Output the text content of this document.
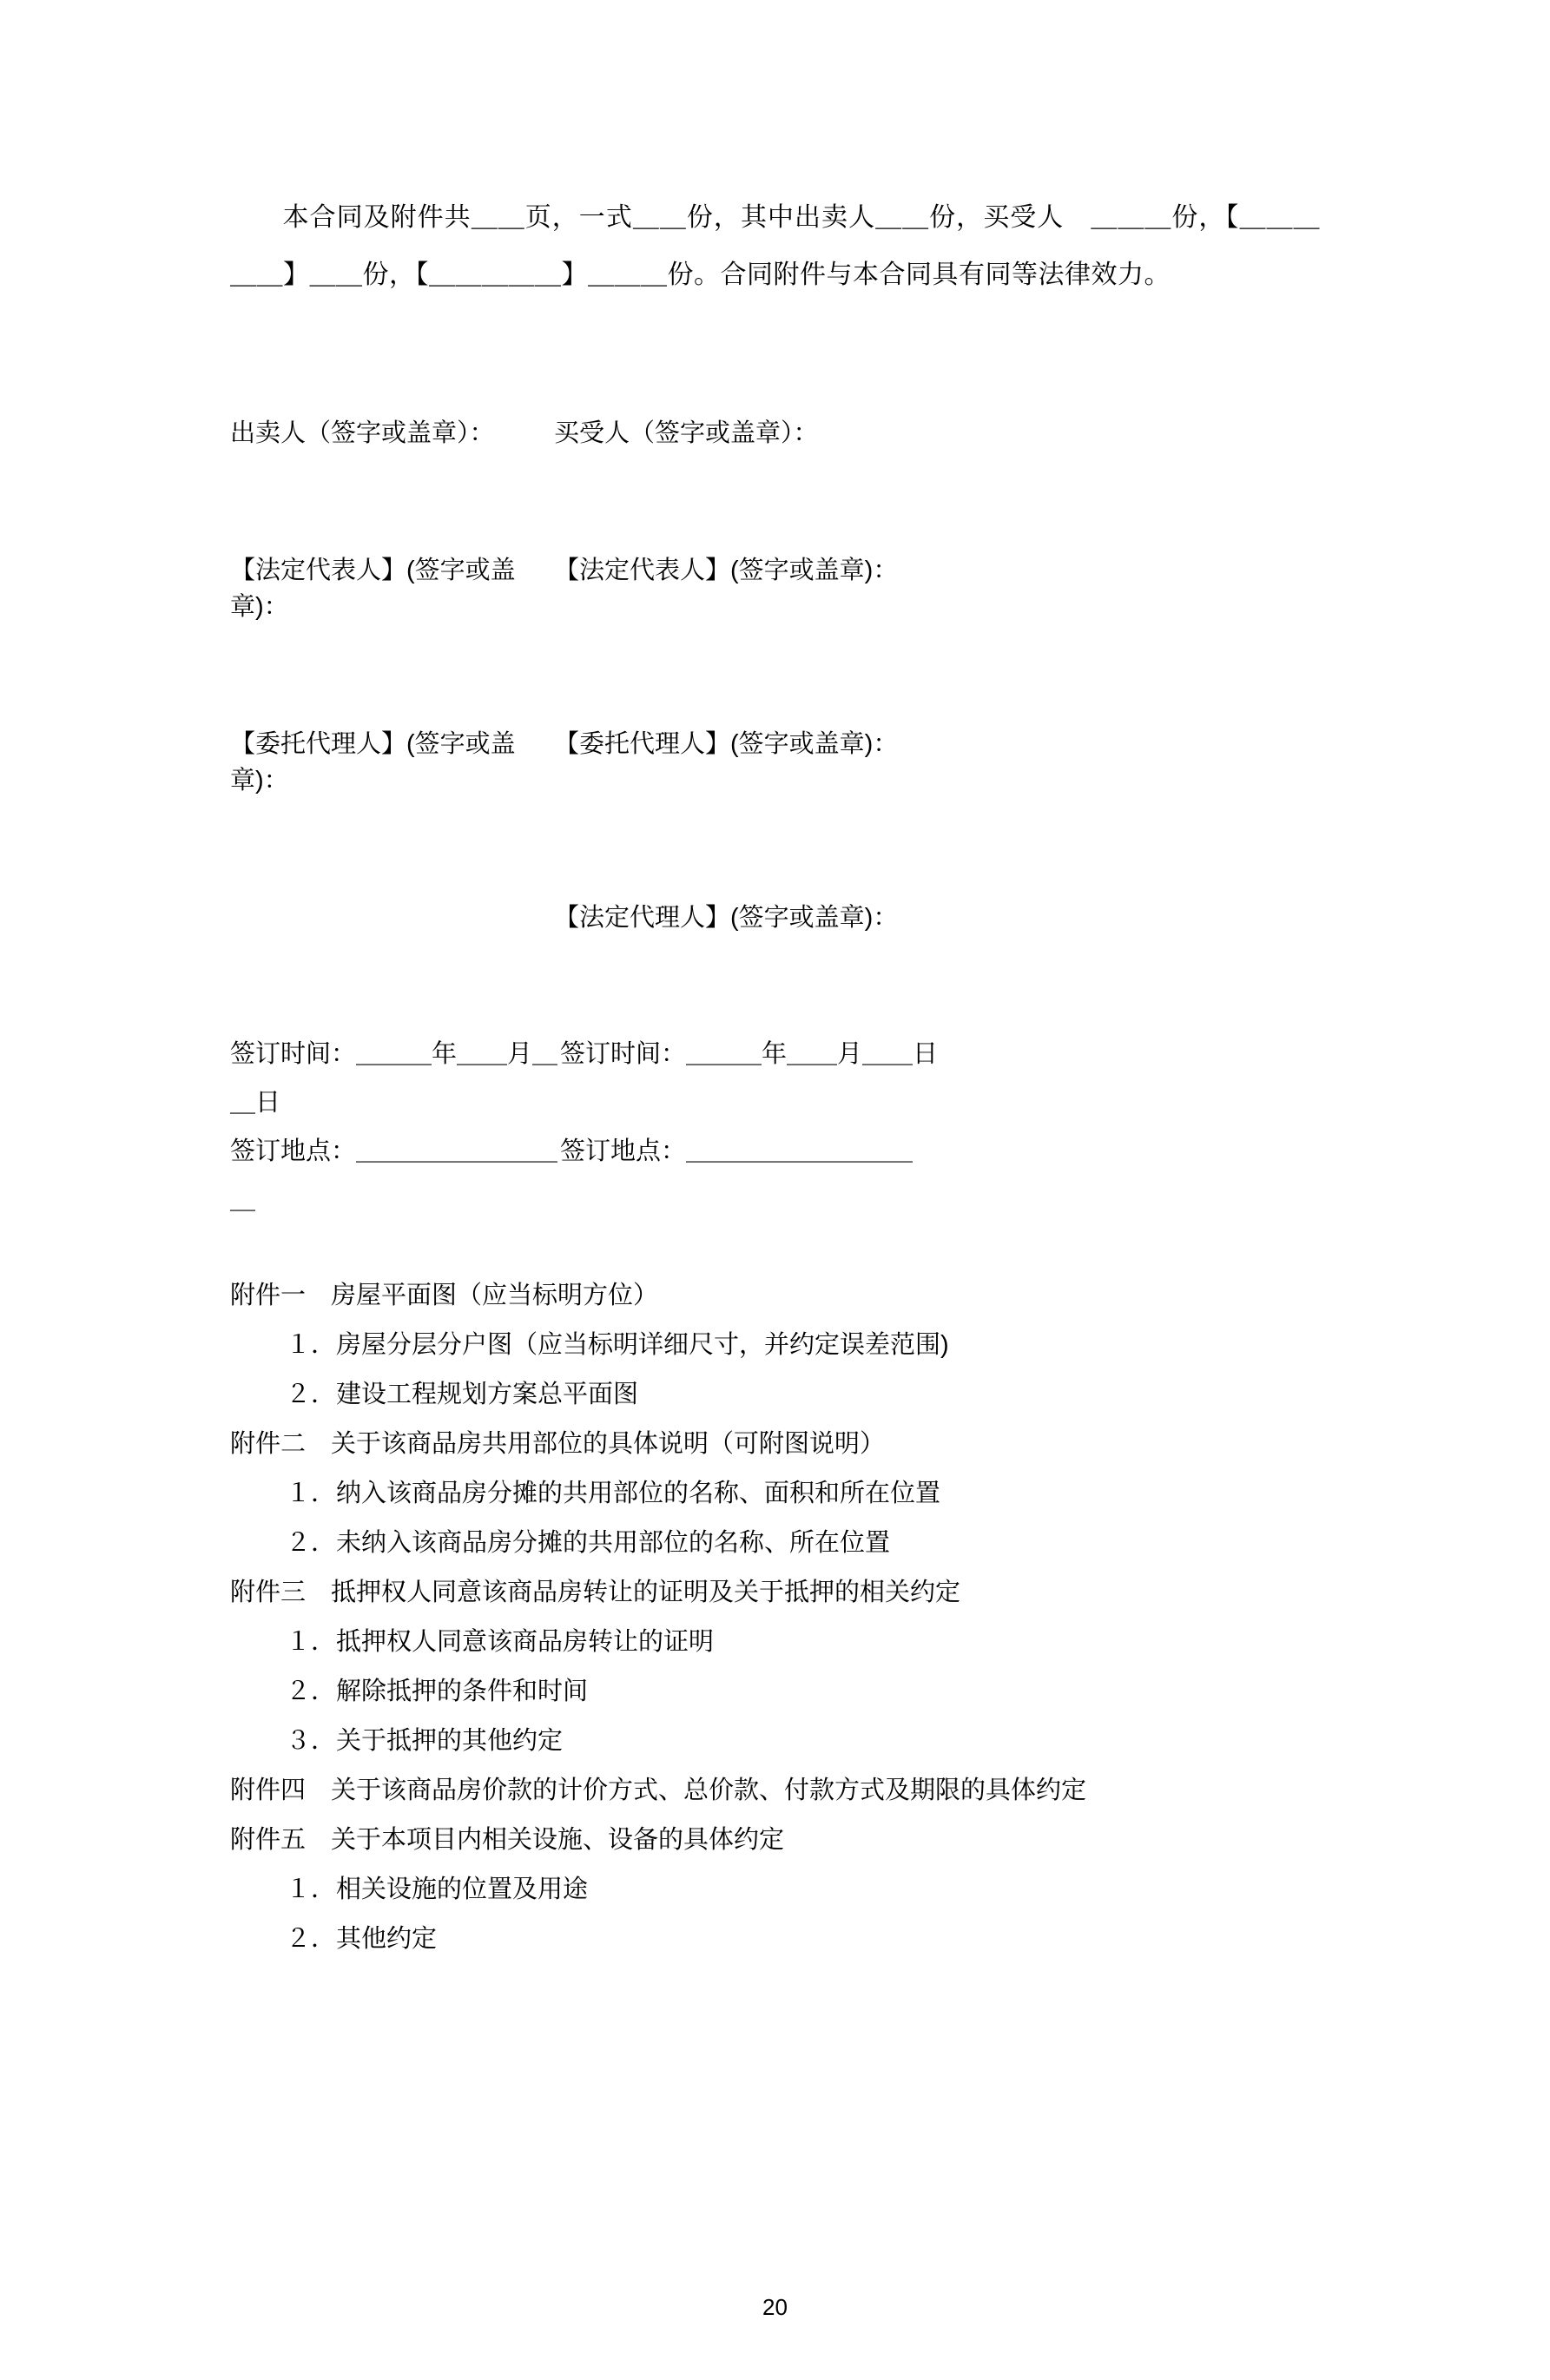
本合同及附件共＿＿页，一式＿＿份，其中出卖人＿＿份，买受人　＿＿＿份，【＿＿＿＿＿】＿＿份，【＿＿＿＿＿】＿＿＿份。合同附件与本合同具有同等法律效力。

出卖人（签字或盖章）：	买受人（签字或盖章）：
【法定代表人】(签字或盖章)：
【法定代表人】(签字或盖章)：
【委托代理人】(签字或盖章)：
【委托代理人】(签字或盖章)：
【法定代理人】(签字或盖章)：
签订时间：＿＿＿年＿＿月＿＿日
签订时间：＿＿＿年＿＿月＿＿日
签订地点：＿＿＿＿＿＿＿＿＿
签订地点：＿＿＿＿＿＿＿＿＿
附件一　房屋平面图（应当标明方位）
１．房屋分层分户图（应当标明详细尺寸，并约定误差范围)
２．建设工程规划方案总平面图
附件二　关于该商品房共用部位的具体说明（可附图说明）
１．纳入该商品房分摊的共用部位的名称、面积和所在位置
２．未纳入该商品房分摊的共用部位的名称、所在位置
附件三　抵押权人同意该商品房转让的证明及关于抵押的相关约定
１．抵押权人同意该商品房转让的证明
２．解除抵押的条件和时间
３．关于抵押的其他约定
附件四　关于该商品房价款的计价方式、总价款、付款方式及期限的具体约定
附件五　关于本项目内相关设施、设备的具体约定
１．相关设施的位置及用途
２．其他约定
20
